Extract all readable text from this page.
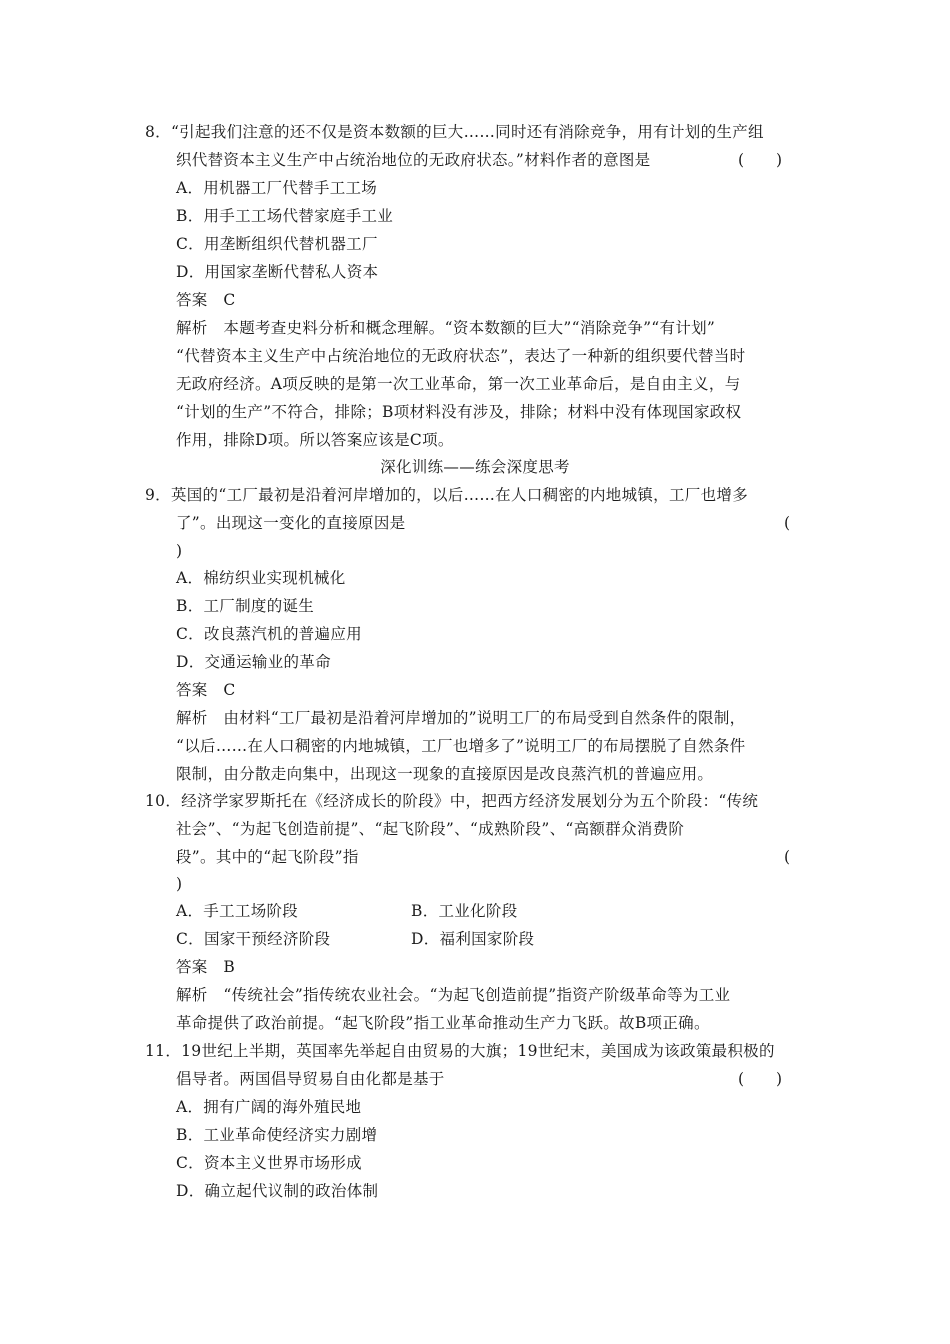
8．“引起我们注意的还不仅是资本数额的巨大……同时还有消除竞争，用有计划的生产组
织代替资本主义生产中占统治地位的无政府状态。”材料作者的意图是	(　　)
A．用机器工厂代替手工工场
B．用手工工场代替家庭手工业
C．用垄断组织代替机器工厂
D．用国家垄断代替私人资本
答案　C
解析　本题考查史料分析和概念理解。“资本数额的巨大”“消除竞争”“有计划”
“代替资本主义生产中占统治地位的无政府状态”，表达了一种新的组织要代替当时
无政府经济。A项反映的是第一次工业革命，第一次工业革命后，是自由主义，与
“计划的生产”不符合，排除；B项材料没有涉及，排除；材料中没有体现国家政权
作用，排除D项。所以答案应该是C项。
深化训练——练会深度思考
9．英国的“工厂最初是沿着河岸增加的，以后……在人口稠密的内地城镇，工厂也增多
了”。出现这一变化的直接原因是	(
)
A．棉纺织业实现机械化
B．工厂制度的诞生
C．改良蒸汽机的普遍应用
D．交通运输业的革命
答案　C
解析　由材料“工厂最初是沿着河岸增加的”说明工厂的布局受到自然条件的限制，
“以后……在人口稠密的内地城镇，工厂也增多了”说明工厂的布局摆脱了自然条件
限制，由分散走向集中，出现这一现象的直接原因是改良蒸汽机的普遍应用。
10．经济学家罗斯托在《经济成长的阶段》中，把西方经济发展划分为五个阶段：“传统
社会”、“为起飞创造前提”、“起飞阶段”、“成熟阶段”、“高额群众消费阶
段”。其中的“起飞阶段”指	(
)
A．手工工场阶段	B．工业化阶段
C．国家干预经济阶段	D．福利国家阶段
答案　B
解析　“传统社会”指传统农业社会。“为起飞创造前提”指资产阶级革命等为工业
革命提供了政治前提。“起飞阶段”指工业革命推动生产力飞跃。故B项正确。
11．19世纪上半期，英国率先举起自由贸易的大旗；19世纪末，美国成为该政策最积极的
倡导者。两国倡导贸易自由化都是基于	(　　)
A．拥有广阔的海外殖民地
B．工业革命使经济实力剧增
C．资本主义世界市场形成
D．确立起代议制的政治体制
